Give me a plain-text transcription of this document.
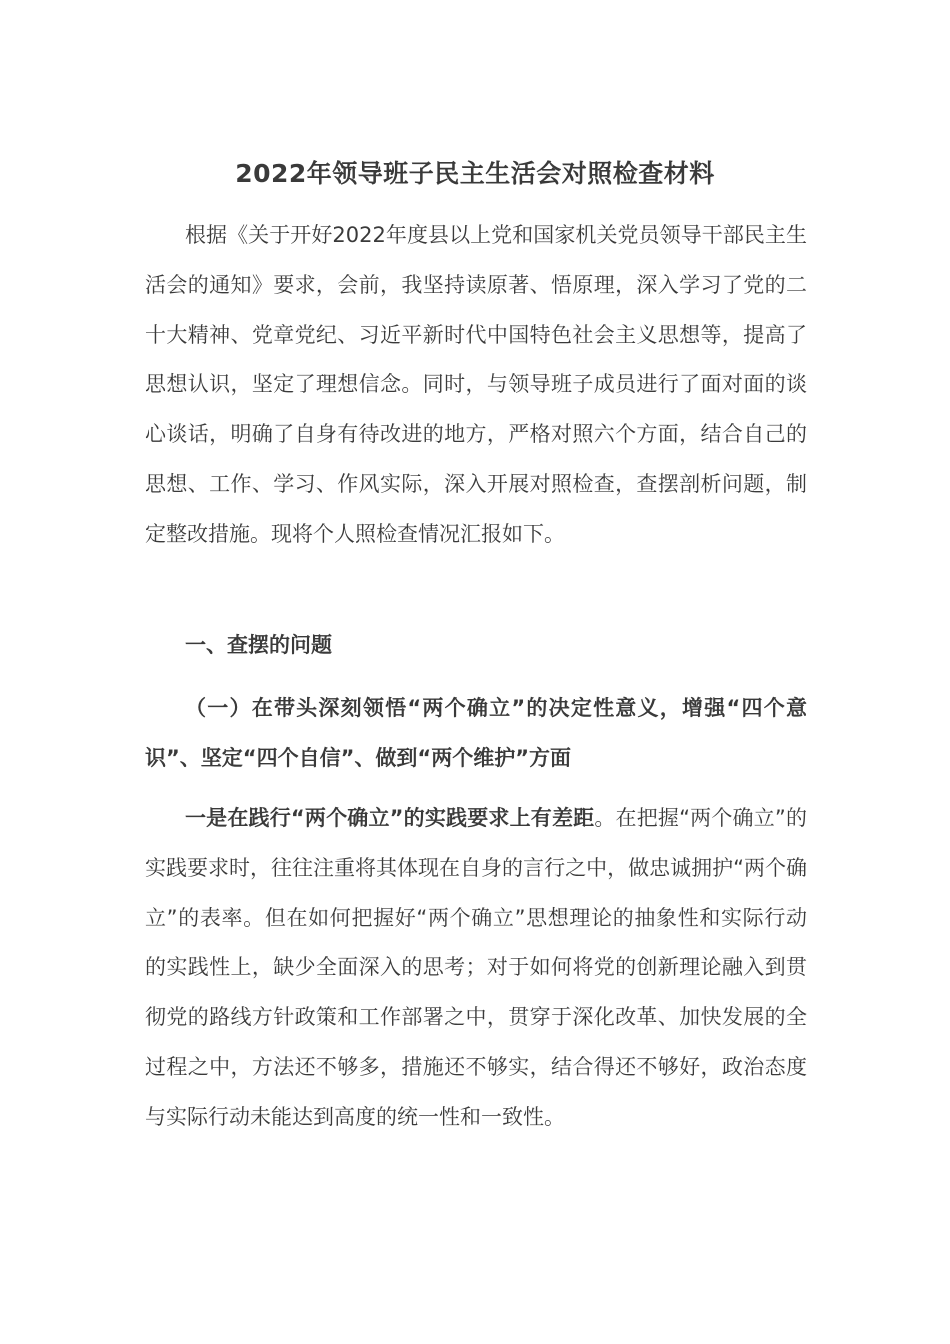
2022年领导班子民主生活会对照检查材料

根据《关于开好2022年度县以上党和国家机关党员领导干部民主生活会的通知》要求，会前，我坚持读原著、悟原理，深入学习了党的二十大精神、党章党纪、习近平新时代中国特色社会主义思想等，提高了思想认识，坚定了理想信念。同时，与领导班子成员进行了面对面的谈心谈话，明确了自身有待改进的地方，严格对照六个方面，结合自己的思想、工作、学习、作风实际，深入开展对照检查，查摆剖析问题，制定整改措施。现将个人照检查情况汇报如下。

一、查摆的问题

（一）在带头深刻领悟“两个确立”的决定性意义，增强“四个意识”、坚定“四个自信”、做到“两个维护”方面

一是在践行“两个确立”的实践要求上有差距。在把握“两个确立”的实践要求时，往往注重将其体现在自身的言行之中，做忠诚拥护“两个确立”的表率。但在如何把握好“两个确立”思想理论的抽象性和实际行动的实践性上，缺少全面深入的思考；对于如何将党的创新理论融入到贯彻党的路线方针政策和工作部署之中，贯穿于深化改革、加快发展的全过程之中，方法还不够多，措施还不够实，结合得还不够好，政治态度与实际行动未能达到高度的统一性和一致性。
